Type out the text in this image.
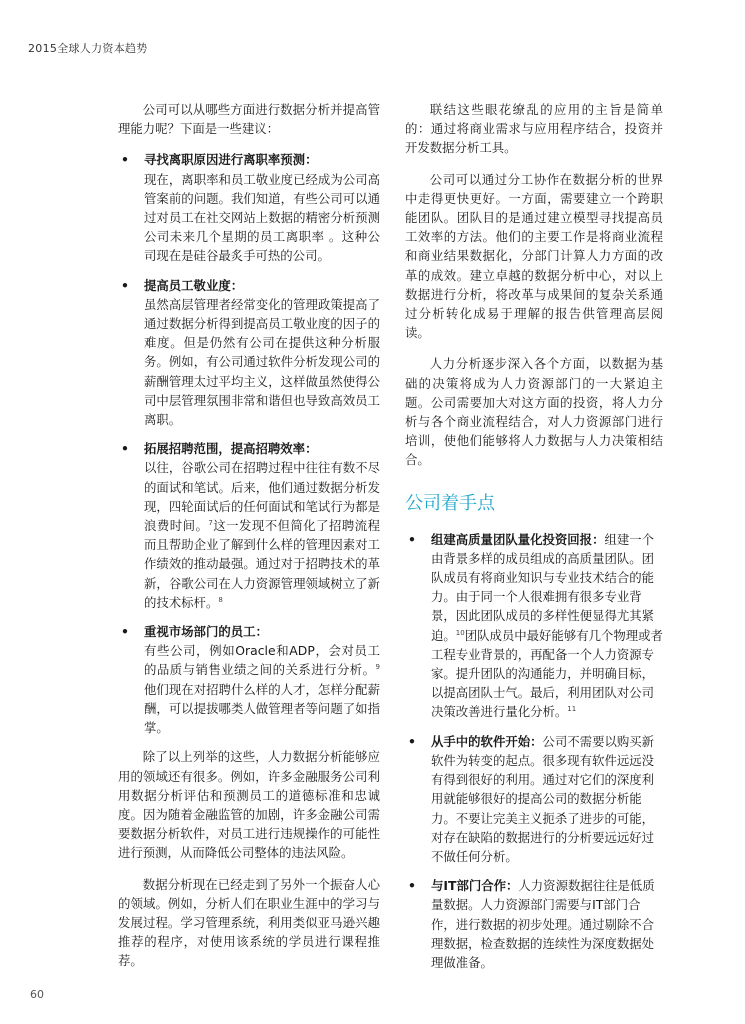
2015全球人力资本趋势

公司可以从哪些方面进行数据分析并提高管理能力呢？下面是一些建议：

• 寻找离职原因进行离职率预测：
现在，离职率和员工敬业度已经成为公司高管案前的问题。我们知道，有些公司可以通过对员工在社交网站上数据的精密分析预测公司未来几个星期的员工离职率 。这种公司现在是硅谷最炙手可热的公司。
• 提高员工敬业度：
虽然高层管理者经常变化的管理政策提高了通过数据分析得到提高员工敬业度的因子的难度。但是仍然有公司在提供这种分析服务。例如，有公司通过软件分析发现公司的薪酬管理太过平均主义，这样做虽然使得公司中层管理氛围非常和谐但也导致高效员工离职。
• 拓展招聘范围，提高招聘效率：
以往，谷歌公司在招聘过程中往往有数不尽的面试和笔试。后来，他们通过数据分析发现，四轮面试后的任何面试和笔试行为都是浪费时间。$^7$这一发现不但简化了招聘流程而且帮助企业了解到什么样的管理因素对工作绩效的推动最强。通过对于招聘技术的革新，谷歌公司在人力资源管理领域树立了新的技术标杆。$^8$
• 重视市场部门的员工：
有些公司，例如Oracle和ADP，会对员工的品质与销售业绩之间的关系进行分析。$^9$他们现在对招聘什么样的人才，怎样分配薪酬，可以提拔哪类人做管理者等问题了如指掌。

除了以上列举的这些，人力数据分析能够应用的领域还有很多。例如，许多金融服务公司利用数据分析评估和预测员工的道德标准和忠诚度。因为随着金融监管的加剧，许多金融公司需要数据分析软件，对员工进行违规操作的可能性进行预测，从而降低公司整体的违法风险。

数据分析现在已经走到了另外一个振奋人心的领域。例如，分析人们在职业生涯中的学习与发展过程。学习管理系统，利用类似亚马逊兴趣推荐的程序，对使用该系统的学员进行课程推荐。

联结这些眼花缭乱的应用的主旨是简单的：通过将商业需求与应用程序结合，投资并开发数据分析工具。

公司可以通过分工协作在数据分析的世界中走得更快更好。一方面，需要建立一个跨职能团队。团队目的是通过建立模型寻找提高员工效率的方法。他们的主要工作是将商业流程和商业结果数据化，分部门计算人力方面的改革的成效。建立卓越的数据分析中心，对以上数据进行分析，将改革与成果间的复杂关系通过分析转化成易于理解的报告供管理高层阅读。

人力分析逐步深入各个方面，以数据为基础的决策将成为人力资源部门的一大紧迫主题。公司需要加大对这方面的投资，将人力分析与各个商业流程结合，对人力资源部门进行培训，使他们能够将人力数据与人力决策相结合。

公司着手点
• 组建高质量团队量化投资回报：组建一个由背景多样的成员组成的高质量团队。团队成员有将商业知识与专业技术结合的能力。由于同一个人很难拥有很多专业背景，因此团队成员的多样性便显得尤其紧迫。$^{10}$团队成员中最好能够有几个物理或者工程专业背景的，再配备一个人力资源专家。提升团队的沟通能力，并明确目标，以提高团队士气。最后，利用团队对公司决策改善进行量化分析。$^{11}$
• 从手中的软件开始：公司不需要以购买新软件为转变的起点。很多现有软件远远没有得到很好的利用。通过对它们的深度利用就能够很好的提高公司的数据分析能力。不要让完美主义扼杀了进步的可能，对存在缺陷的数据进行的分析要远远好过不做任何分析。
• 与IT部门合作：人力资源数据往往是低质量数据。人力资源部门需要与IT部门合作，进行数据的初步处理。通过剔除不合理数据，检查数据的连续性为深度数据处理做准备。
60
